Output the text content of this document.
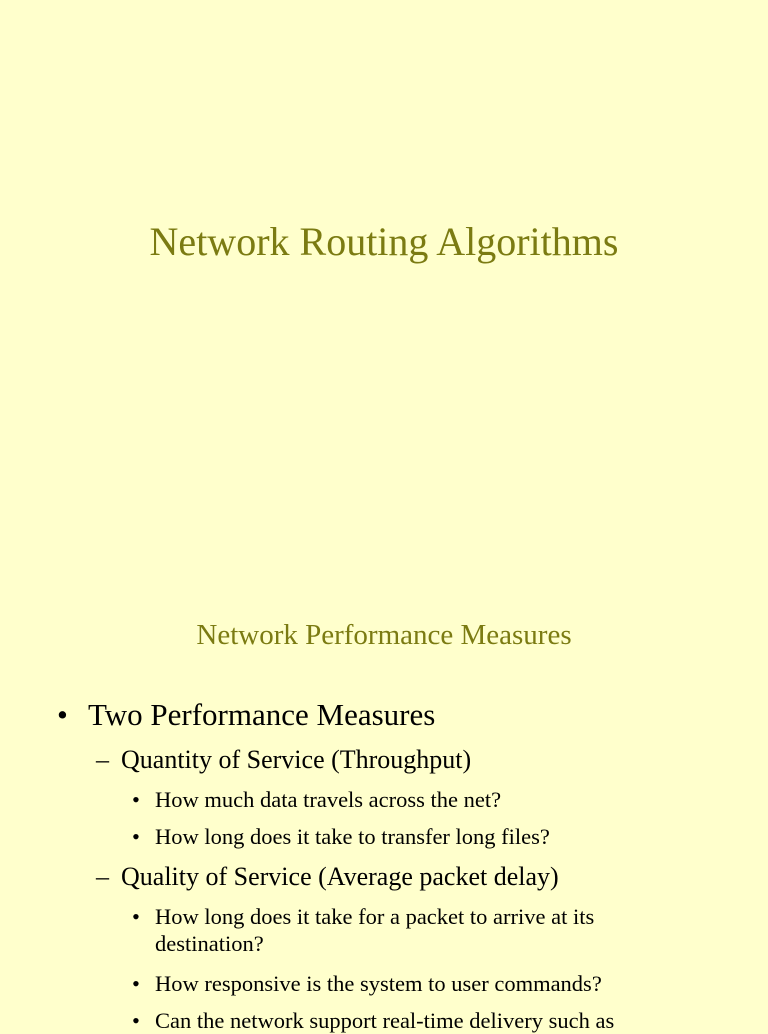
Network Routing Algorithms
Network Performance Measures
• Two Performance Measures
– Quantity of Service (Throughput)
• How much data travels across the net?
• How long does it take to transfer long files?
– Quality of Service (Average packet delay)
• How long does it take for a packet to arrive at its
destination?
• How responsive is the system to user commands?
• Can the network support real-time delivery such as
